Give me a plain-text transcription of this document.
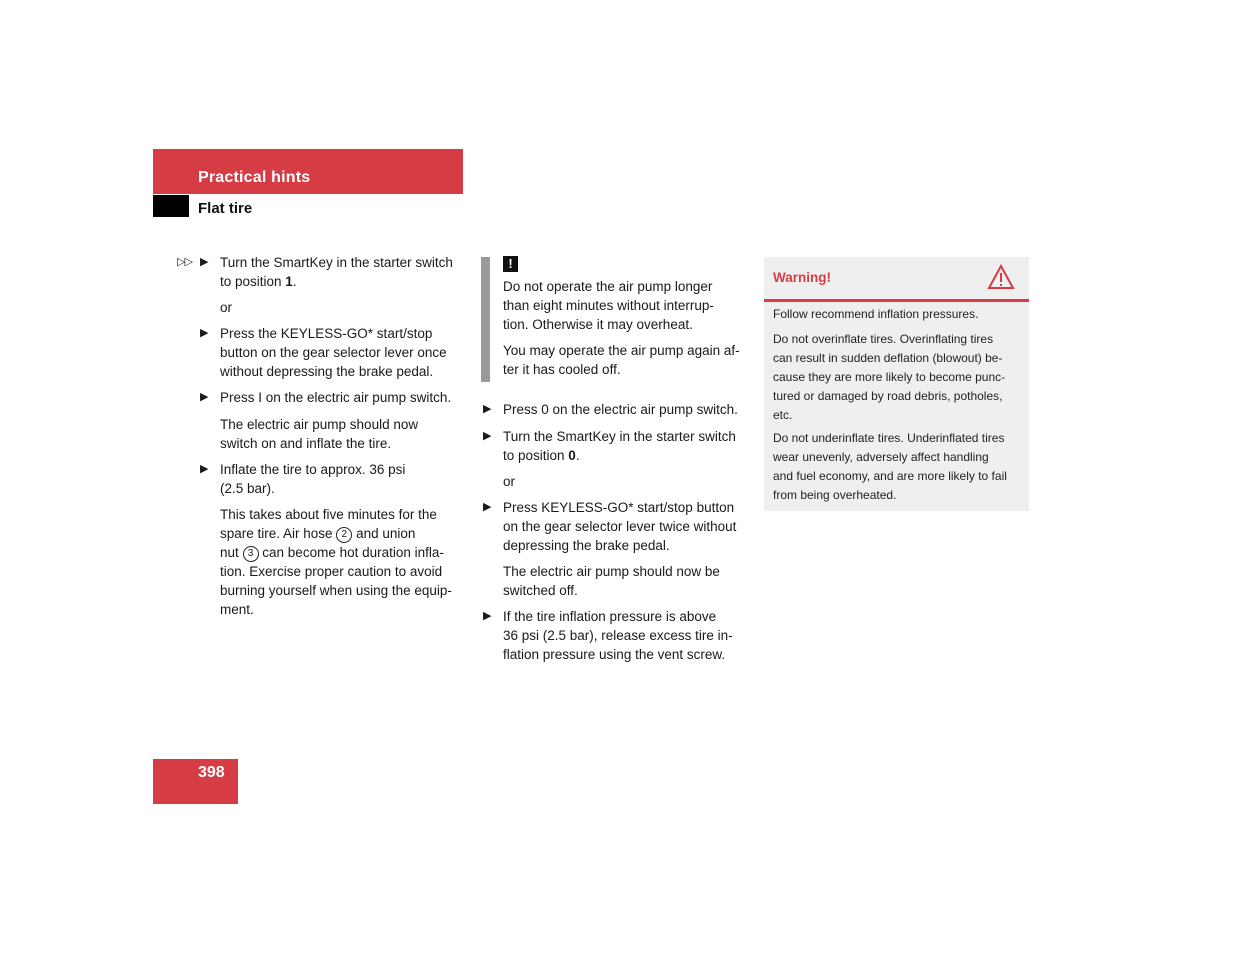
Practical hints
Flat tire
▷▷ ▶ Turn the SmartKey in the starter switch

to position 1.

or

▶ Press the KEYLESS-GO* start/stop

button on the gear selector lever once

without depressing the brake pedal.

▶ Press I on the electric air pump switch.

The electric air pump should now

switch on and inflate the tire.

▶ Inflate the tire to approx. 36 psi

(2.5 bar).

This takes about five minutes for the

spare tire. Air hose 2 and union

nut 3 can become hot duration infla-

tion. Exercise proper caution to avoid

burning yourself when using the equip-

ment.

!

Do not operate the air pump longer

than eight minutes without interrup-

tion. Otherwise it may overheat.

You may operate the air pump again af-

ter it has cooled off.

▶ Press 0 on the electric air pump switch.

▶ Turn the SmartKey in the starter switch

to position 0.

or

▶ Press KEYLESS-GO* start/stop button

on the gear selector lever twice without

depressing the brake pedal.

The electric air pump should now be

switched off.

▶ If the tire inflation pressure is above

36 psi (2.5 bar), release excess tire in-

flation pressure using the vent screw.

Warning!

Follow recommend inflation pressures.

Do not overinflate tires. Overinflating tires

can result in sudden deflation (blowout) be-

cause they are more likely to become punc-

tured or damaged by road debris, potholes,

etc.

Do not underinflate tires. Underinflated tires

wear unevenly, adversely affect handling

and fuel economy, and are more likely to fail

from being overheated.

398
